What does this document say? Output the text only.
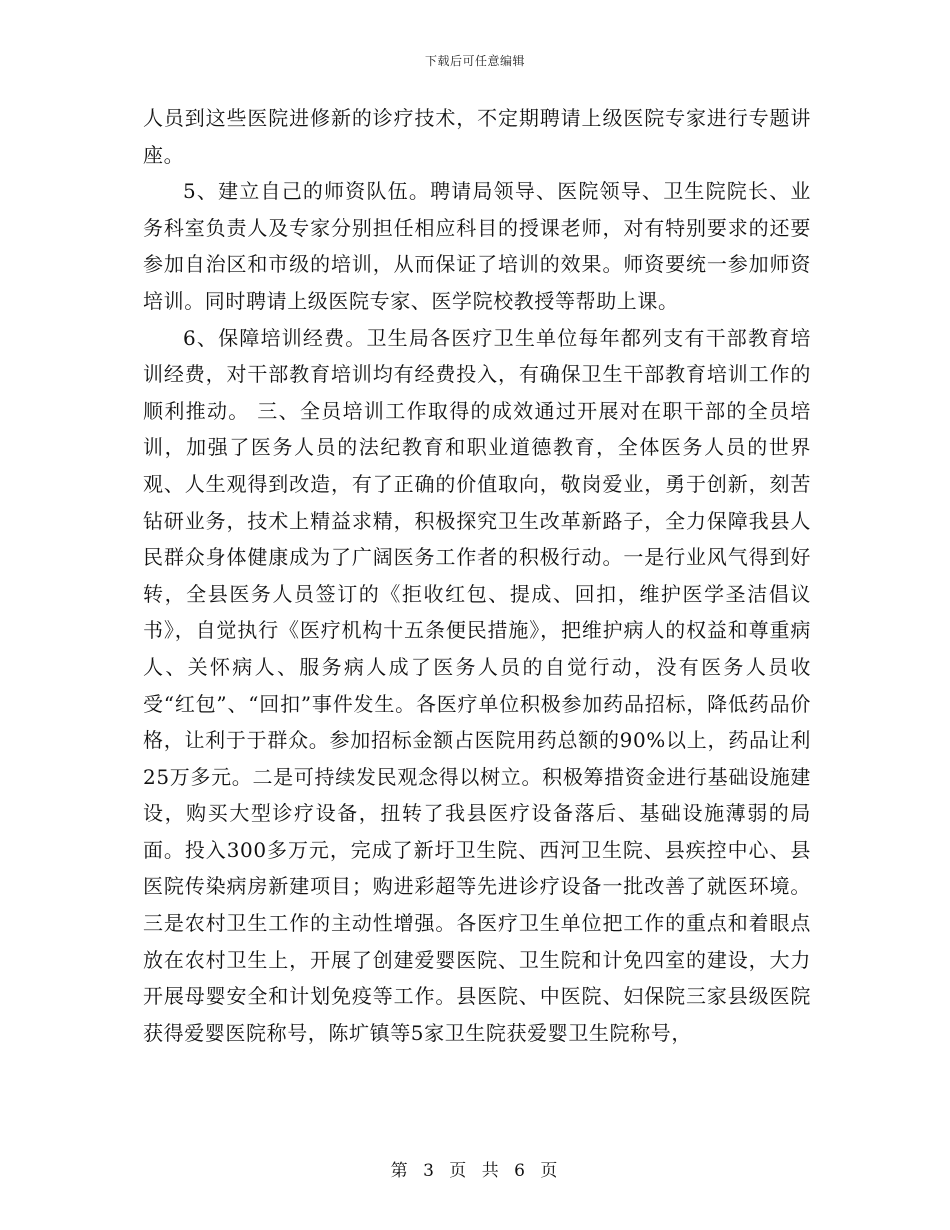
下载后可任意编辑

人员到这些医院进修新的诊疗技术，不定期聘请上级医院专家进行专题讲座。

5、建立自己的师资队伍。聘请局领导、医院领导、卫生院院长、业务科室负责人及专家分别担任相应科目的授课老师，对有特别要求的还要参加自治区和市级的培训，从而保证了培训的效果。师资要统一参加师资培训。同时聘请上级医院专家、医学院校教授等帮助上课。

6、保障培训经费。卫生局各医疗卫生单位每年都列支有干部教育培训经费，对干部教育培训均有经费投入，有确保卫生干部教育培训工作的顺利推动。 三、全员培训工作取得的成效通过开展对在职干部的全员培训，加强了医务人员的法纪教育和职业道德教育，全体医务人员的世界观、人生观得到改造，有了正确的价值取向，敬岗爱业，勇于创新，刻苦钻研业务，技术上精益求精，积极探究卫生改革新路子，全力保障我县人民群众身体健康成为了广阔医务工作者的积极行动。一是行业风气得到好转，全县医务人员签订的《拒收红包、提成、回扣，维护医学圣洁倡议书》，自觉执行《医疗机构十五条便民措施》，把维护病人的权益和尊重病人、关怀病人、服务病人成了医务人员的自觉行动，没有医务人员收受“红包”、“回扣”事件发生。各医疗单位积极参加药品招标，降低药品价格，让利于于群众。参加招标金额占医院用药总额的90%以上，药品让利25万多元。二是可持续发民观念得以树立。积极筹措资金进行基础设施建设，购买大型诊疗设备，扭转了我县医疗设备落后、基础设施薄弱的局面。投入300多万元，完成了新圩卫生院、西河卫生院、县疾控中心、县医院传染病房新建项目；购进彩超等先进诊疗设备一批改善了就医环境。三是农村卫生工作的主动性增强。各医疗卫生单位把工作的重点和着眼点放在农村卫生上，开展了创建爱婴医院、卫生院和计免四室的建设，大力开展母婴安全和计划免疫等工作。县医院、中医院、妇保院三家县级医院获得爱婴医院称号，陈圹镇等5家卫生院获爱婴卫生院称号，

第 3 页 共 6 页
